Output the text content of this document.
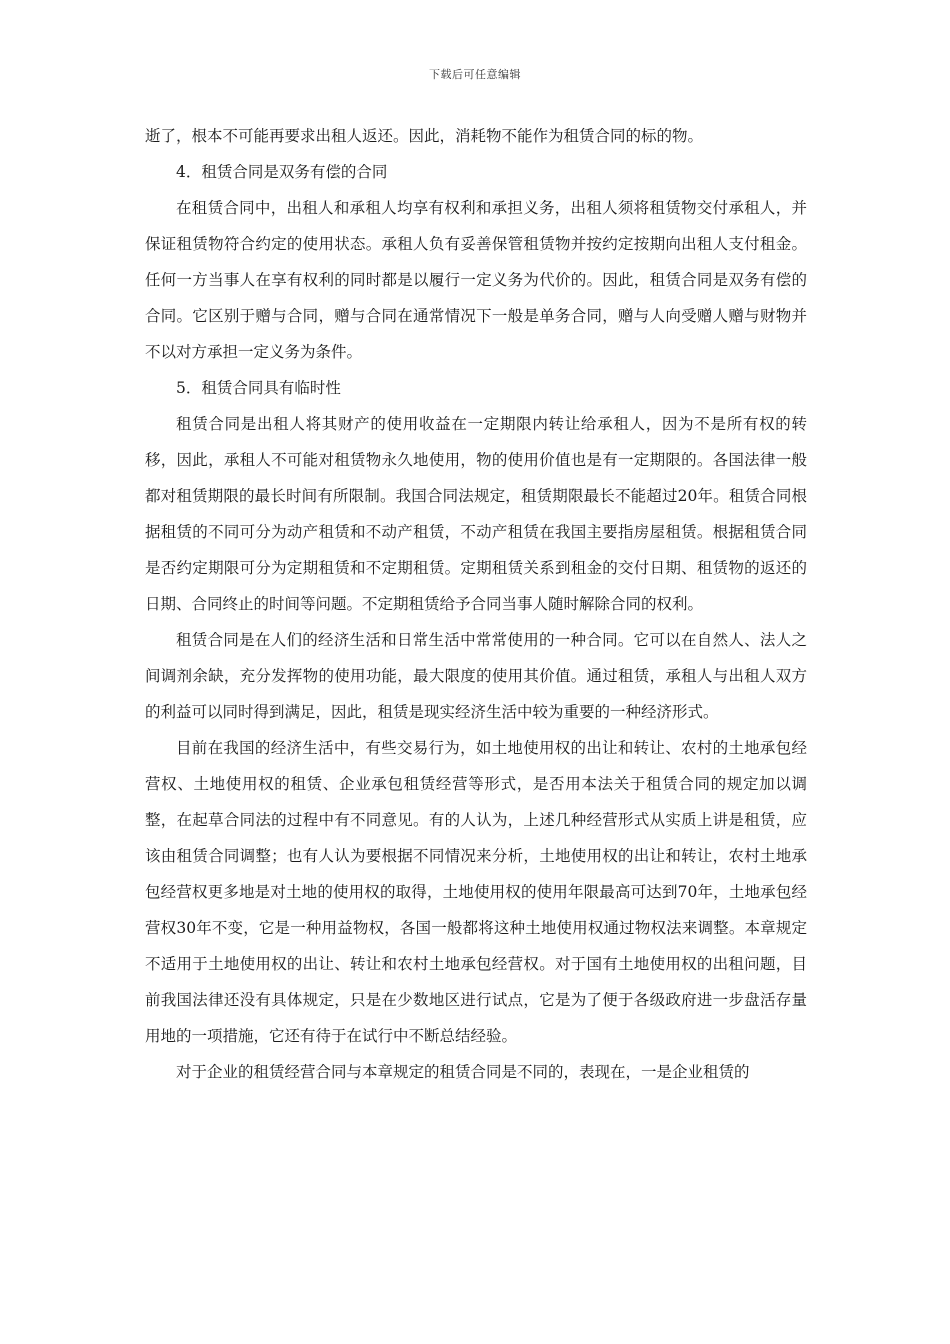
下载后可任意编辑

逝了，根本不可能再要求出租人返还。因此，消耗物不能作为租赁合同的标的物。

4．租赁合同是双务有偿的合同

在租赁合同中，出租人和承租人均享有权利和承担义务，出租人须将租赁物交付承租人，并保证租赁物符合约定的使用状态。承租人负有妥善保管租赁物并按约定按期向出租人支付租金。任何一方当事人在享有权利的同时都是以履行一定义务为代价的。因此，租赁合同是双务有偿的合同。它区别于赠与合同，赠与合同在通常情况下一般是单务合同，赠与人向受赠人赠与财物并不以对方承担一定义务为条件。

5．租赁合同具有临时性

租赁合同是出租人将其财产的使用收益在一定期限内转让给承租人，因为不是所有权的转移，因此，承租人不可能对租赁物永久地使用，物的使用价值也是有一定期限的。各国法律一般都对租赁期限的最长时间有所限制。我国合同法规定，租赁期限最长不能超过20年。租赁合同根据租赁的不同可分为动产租赁和不动产租赁，不动产租赁在我国主要指房屋租赁。根据租赁合同是否约定期限可分为定期租赁和不定期租赁。定期租赁关系到租金的交付日期、租赁物的返还的日期、合同终止的时间等问题。不定期租赁给予合同当事人随时解除合同的权利。

租赁合同是在人们的经济生活和日常生活中常常使用的一种合同。它可以在自然人、法人之间调剂余缺，充分发挥物的使用功能，最大限度的使用其价值。通过租赁，承租人与出租人双方的利益可以同时得到满足，因此，租赁是现实经济生活中较为重要的一种经济形式。

目前在我国的经济生活中，有些交易行为，如土地使用权的出让和转让、农村的土地承包经营权、土地使用权的租赁、企业承包租赁经营等形式，是否用本法关于租赁合同的规定加以调整，在起草合同法的过程中有不同意见。有的人认为，上述几种经营形式从实质上讲是租赁，应该由租赁合同调整；也有人认为要根据不同情况来分析，土地使用权的出让和转让，农村土地承包经营权更多地是对土地的使用权的取得，土地使用权的使用年限最高可达到70年，土地承包经营权30年不变，它是一种用益物权，各国一般都将这种土地使用权通过物权法来调整。本章规定不适用于土地使用权的出让、转让和农村土地承包经营权。对于国有土地使用权的出租问题，目前我国法律还没有具体规定，只是在少数地区进行试点，它是为了便于各级政府进一步盘活存量用地的一项措施，它还有待于在试行中不断总结经验。

对于企业的租赁经营合同与本章规定的租赁合同是不同的，表现在，一是企业租赁的
